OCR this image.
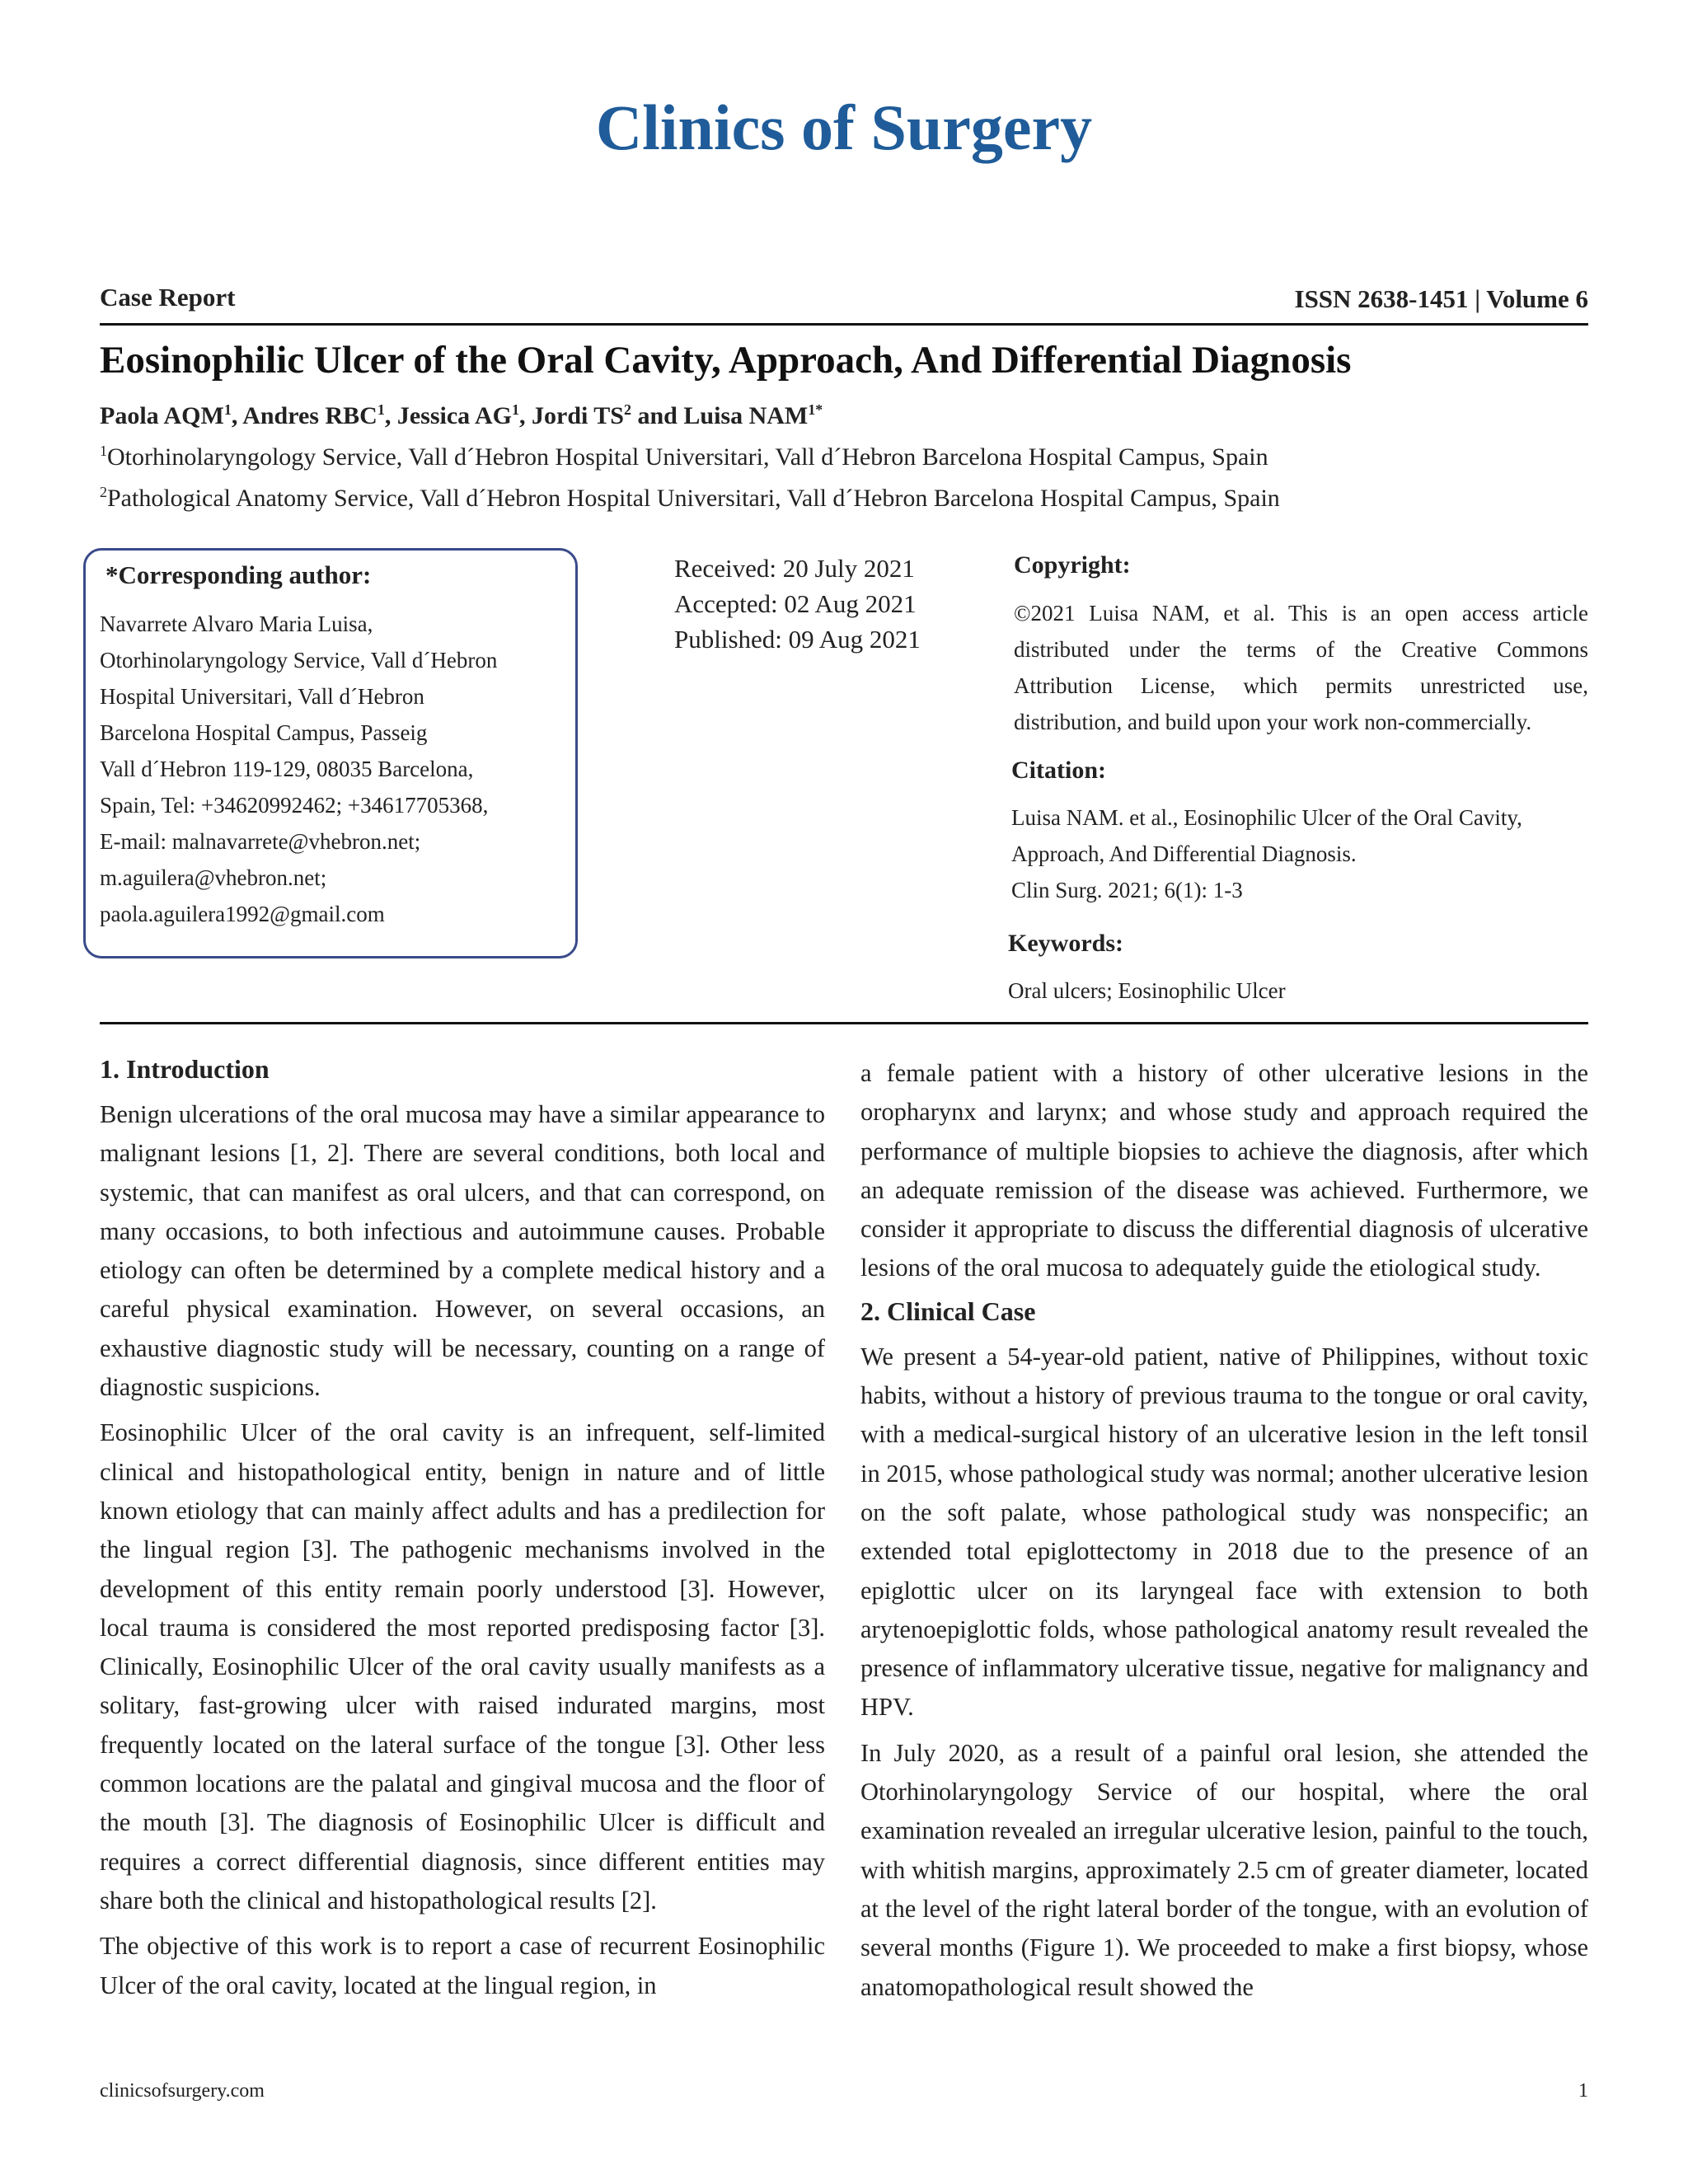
Clinics of Surgery
Case Report	ISSN 2638-1451 | Volume 6
Eosinophilic Ulcer of the Oral Cavity, Approach, And Differential Diagnosis
Paola AQM$^1$, Andres RBC$^1$, Jessica $AG^1$, Jordi $TS^2$ and Luisa $NAM^{1*}$
$^1$Otorhinolaryngology Service, Vall d´Hebron Hospital Universitari, Vall d´Hebron Barcelona Hospital Campus, Spain
$^2$Pathological Anatomy Service, Vall d´Hebron Hospital Universitari, Vall d´Hebron Barcelona Hospital Campus, Spain
*Corresponding author:
Navarrete Alvaro Maria Luisa,
Otorhinolaryngology Service, Vall d´Hebron
Hospital Universitari, Vall d´Hebron
Barcelona Hospital Campus, Passeig
Vall d´Hebron 119-129, 08035 Barcelona,
Spain, Tel: +34620992462; +34617705368,
E-mail: malnavarrete@vhebron.net;
m.aguilera@vhebron.net;
paola.aguilera1992@gmail.com
Received: 20 July 2021
Accepted: 02 Aug 2021
Published: 09 Aug 2021
Copyright:
©2021 Luisa NAM, et al. This is an open access article distributed under the terms of the Creative Commons Attribution License, which permits unrestricted use, distribution, and build upon your work non-commercially.
Citation:
Luisa NAM. et al., Eosinophilic Ulcer of the Oral Cavity,
Approach, And Differential Diagnosis.
Clin Surg. 2021; 6(1): 1-3
Keywords:
Oral ulcers; Eosinophilic Ulcer
1. Introduction

Benign ulcerations of the oral mucosa may have a similar appearance to malignant lesions [1, 2]. There are several conditions, both local and systemic, that can manifest as oral ulcers, and that can correspond, on many occasions, to both infectious and autoimmune causes. Probable etiology can often be determined by a complete medical history and a careful physical examination. However, on several occasions, an exhaustive diagnostic study will be necessary, counting on a range of diagnostic suspicions.

Eosinophilic Ulcer of the oral cavity is an infrequent, self-limited clinical and histopathological entity, benign in nature and of little known etiology that can mainly affect adults and has a predilection for the lingual region [3]. The pathogenic mechanisms involved in the development of this entity remain poorly understood [3]. However, local trauma is considered the most reported predisposing factor [3]. Clinically, Eosinophilic Ulcer of the oral cavity usually manifests as a solitary, fast-growing ulcer with raised indurated margins, most frequently located on the lateral surface of the tongue [3]. Other less common locations are the palatal and gingival mucosa and the floor of the mouth [3]. The diagnosis of Eosinophilic Ulcer is difficult and requires a correct differential diagnosis, since different entities may share both the clinical and histopathological results [2].

The objective of this work is to report a case of recurrent Eosinophilic Ulcer of the oral cavity, located at the lingual region, in

a female patient with a history of other ulcerative lesions in the oropharynx and larynx; and whose study and approach required the performance of multiple biopsies to achieve the diagnosis, after which an adequate remission of the disease was achieved. Furthermore, we consider it appropriate to discuss the differential diagnosis of ulcerative lesions of the oral mucosa to adequately guide the etiological study.

2. Clinical Case

We present a 54-year-old patient, native of Philippines, without toxic habits, without a history of previous trauma to the tongue or oral cavity, with a medical-surgical history of an ulcerative lesion in the left tonsil in 2015, whose pathological study was normal; another ulcerative lesion on the soft palate, whose pathological study was nonspecific; an extended total epiglottectomy in 2018 due to the presence of an epiglottic ulcer on its laryngeal face with extension to both arytenoepiglottic folds, whose pathological anatomy result revealed the presence of inflammatory ulcerative tissue, negative for malignancy and HPV.

In July 2020, as a result of a painful oral lesion, she attended the Otorhinolaryngology Service of our hospital, where the oral examination revealed an irregular ulcerative lesion, painful to the touch, with whitish margins, approximately 2.5 cm of greater diameter, located at the level of the right lateral border of the tongue, with an evolution of several months (Figure 1). We proceeded to make a first biopsy, whose anatomopathological result showed the

clinicsofsurgery.com	1
